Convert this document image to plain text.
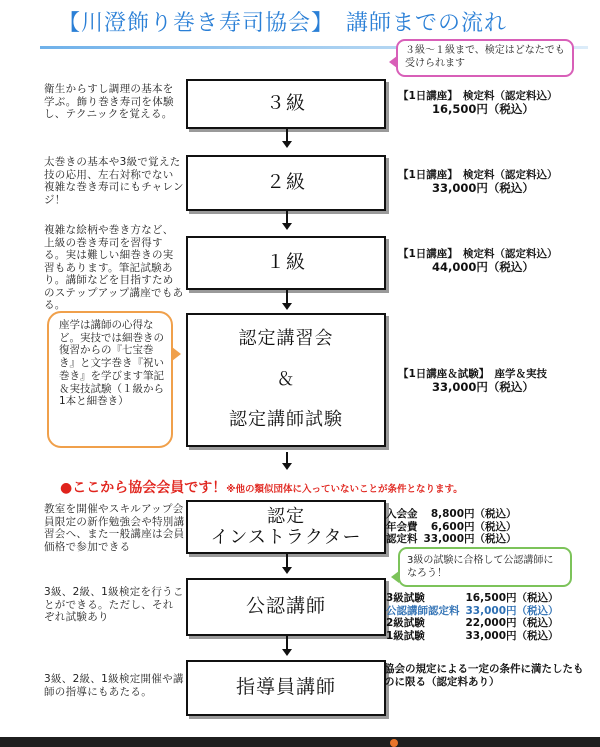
【川澄飾り巻き寿司協会】　講師までの流れ
３級～１級まで、検定はどなたでも受けられます
衛生からすし調理の基本を学ぶ。飾り巻き寿司を体験し、テクニックを覚える。	３級	【1日講座】　検定料（認定料込）
16,500円（税込）
太巻きの基本や3級で覚えた技の応用、左右対称でない複雑な巻き寿司にもチャレンジ！
２級	【1日講座】　検定料（認定料込）
33,000円（税込）
複雑な絵柄や巻き方など、上級の巻き寿司を習得する。実は難しい細巻きの実習もあります。筆記試験あり。講師などを目指すためのステップアップ講座でもある。
１級	【1日講座】　検定料（認定料込）
44,000円（税込）
座学は講師の心得など。実技では細巻きの復習からの『七宝巻き』と文字巻き『祝い巻き』を学びます筆記＆実技試験（１級から1本と細巻き）
認定講習会
＆
認定講師試験
【1日講座＆試験】　座学＆実技
33,000円（税込）
●ここから協会会員です！※他の類似団体に入っていないことが条件となります。
教室を開催やスキルアップ会員限定の新作勉強会や特別講習会へ、また一般講座は会員価格で参加できる
認定
インストラクター
入会金	8,800円（税込）
年会費	6,600円（税込）
認定料	33,000円（税込）
3級の試験に合格して公認講師になろう！
3級、2級、1級検定を行うことができる。ただし、それぞれ試験あり	公認講師	3級試験	16,500円（税込）
公認講師認定料	33,000円（税込）
2級試験	22,000円（税込）
1級試験	33,000円（税込）
3級、2級、1級検定開催や講師の指導にもあたる。	指導員講師
協会の規定による一定の条件に満たしたものに限る（認定料あり）
